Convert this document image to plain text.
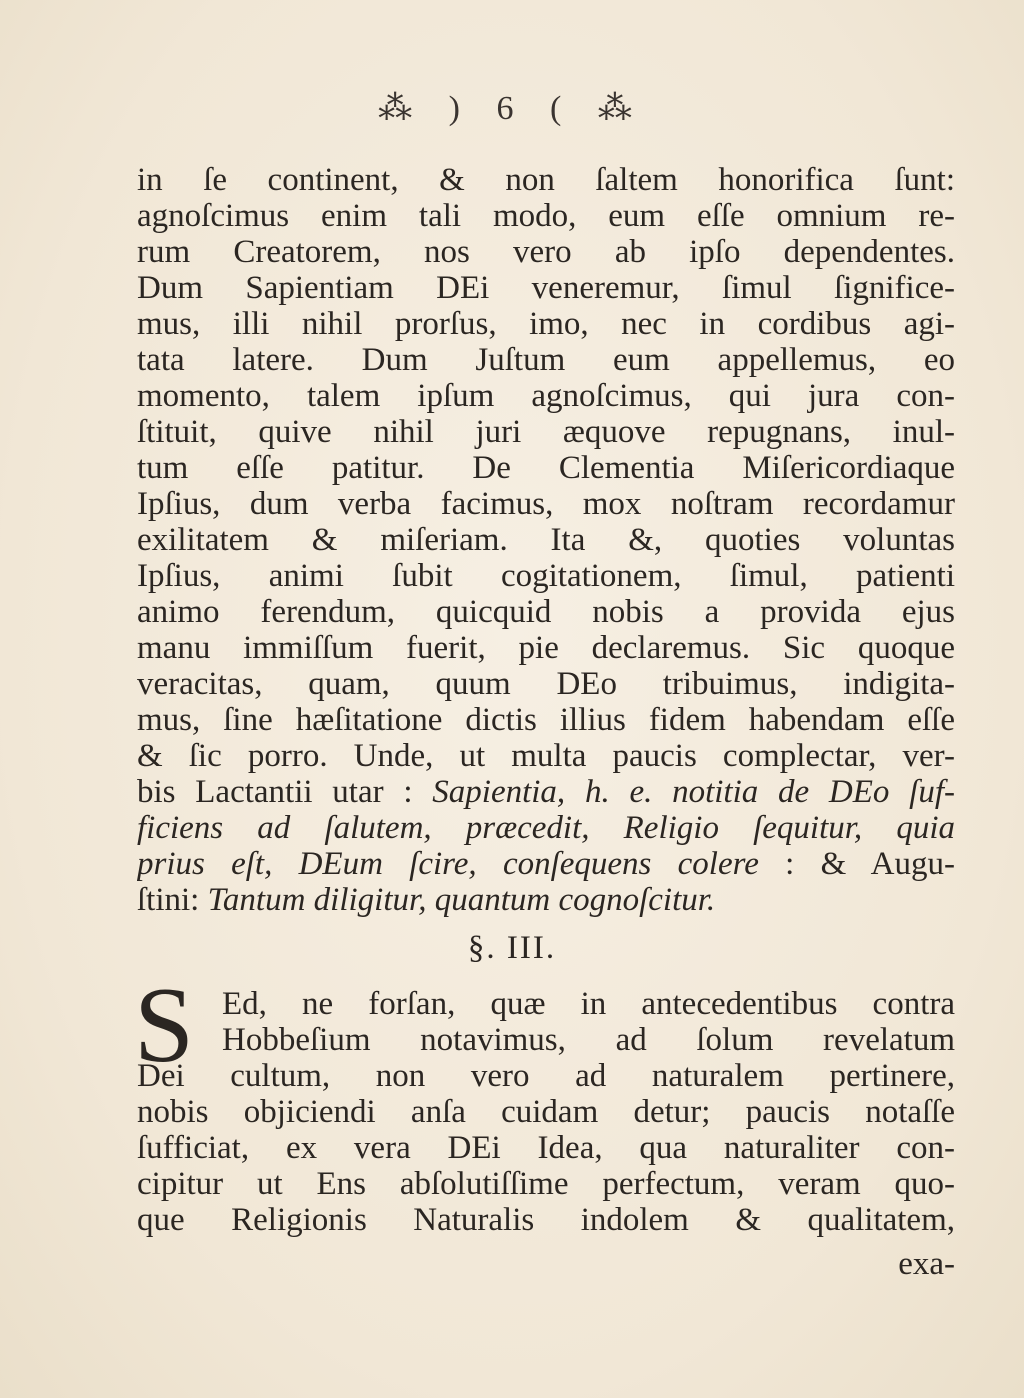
⁂ ) 6 ( ⁂
in ſe continent, & non ſaltem honorifica ſunt:
agnoſcimus enim tali modo, eum eſſe omnium re-
rum Creatorem, nos vero ab ipſo dependentes.
Dum Sapientiam DEi veneremur, ſimul ſignifice-
mus, illi nihil prorſus, imo, nec in cordibus agi-
tata latere. Dum Juſtum eum appellemus, eo
momento, talem ipſum agnoſcimus, qui jura con-
ſtituit, quive nihil juri æquove repugnans, inul-
tum eſſe patitur. De Clementia Miſericordiaque
Ipſius, dum verba facimus, mox noſtram recordamur
exilitatem & miſeriam. Ita &, quoties voluntas
Ipſius, animi ſubit cogitationem, ſimul, patienti
animo ferendum, quicquid nobis a provida ejus
manu immiſſum fuerit, pie declaremus. Sic quoque
veracitas, quam, quum DEo tribuimus, indigita-
mus, ſine hæſitatione dictis illius fidem habendam eſſe
& ſic porro. Unde, ut multa paucis complectar, ver-
bis Lactantii utar : Sapientia, h. e. notitia de DEo ſuf-
ficiens ad ſalutem, præcedit, Religio ſequitur, quia
prius eſt, DEum ſcire, conſequens colere : & Augu-
ſtini: Tantum diligitur, quantum cognoſcitur.
§. III.
S Ed, ne forſan, quæ in antecedentibus contra
Hobbeſium notavimus, ad ſolum revelatum
Dei cultum, non vero ad naturalem pertinere,
nobis objiciendi anſa cuidam detur; paucis notaſſe
ſufficiat, ex vera DEi Idea, qua naturaliter con-
cipitur ut Ens abſolutiſſime perfectum, veram quo-
que Religionis Naturalis indolem & qualitatem,
exa-
